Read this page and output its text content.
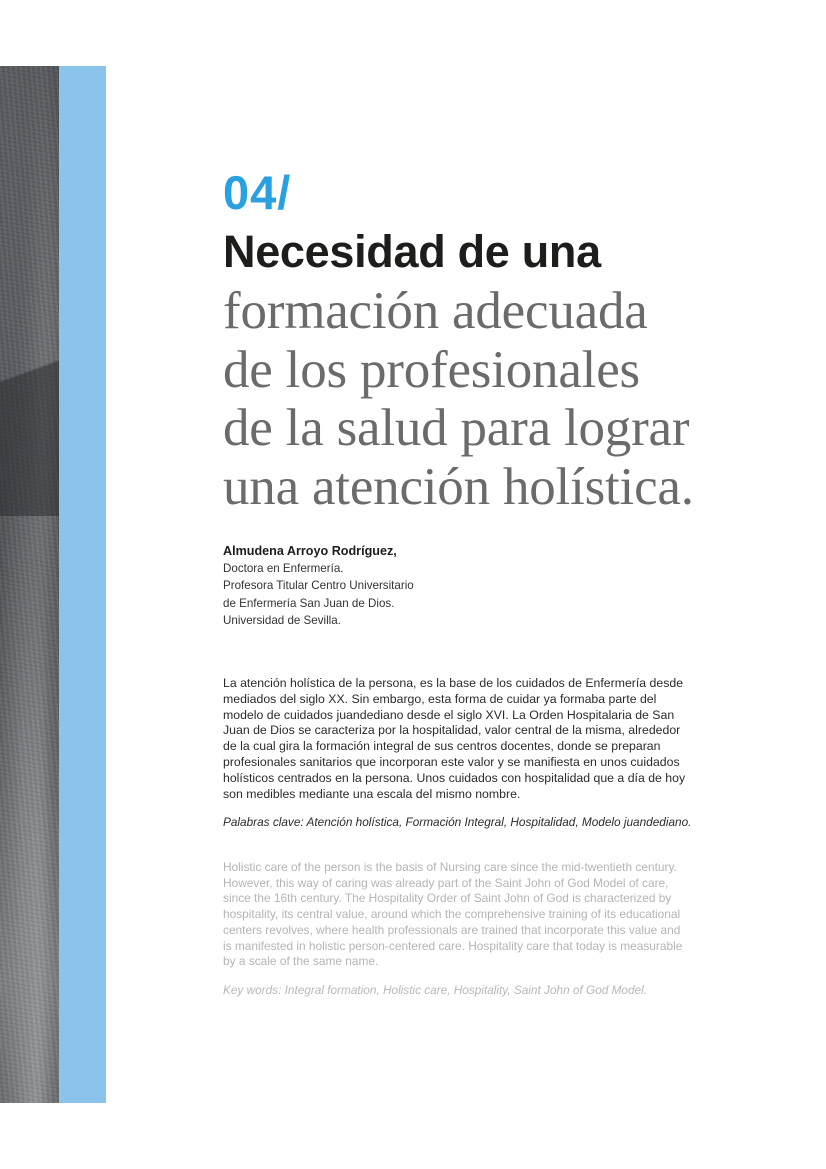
04/
Necesidad de una
formación adecuada
de los profesionales
de la salud para lograr
una atención holística.
Almudena Arroyo Rodríguez,
Doctora en Enfermería.
Profesora Titular Centro Universitario
de Enfermería San Juan de Dios.
Universidad de Sevilla.

La atención holística de la persona, es la base de los cuidados de Enfermería desde
mediados del siglo XX. Sin embargo, esta forma de cuidar ya formaba parte del
modelo de cuidados juandediano desde el siglo XVI. La Orden Hospitalaria de San
Juan de Dios se caracteriza por la hospitalidad, valor central de la misma, alrededor
de la cual gira la formación integral de sus centros docentes, donde se preparan
profesionales sanitarios que incorporan este valor y se manifiesta en unos cuidados
holísticos centrados en la persona. Unos cuidados con hospitalidad que a día de hoy
son medibles mediante una escala del mismo nombre.

Palabras clave: Atención holística, Formación Integral, Hospitalidad, Modelo juandediano.

Holistic care of the person is the basis of Nursing care since the mid-twentieth century.
However, this way of caring was already part of the Saint John of God Model of care,
since the 16th century. The Hospitality Order of Saint John of God is characterized by
hospitality, its central value, around which the comprehensive training of its educational
centers revolves, where health professionals are trained that incorporate this value and
is manifested in holistic person-centered care. Hospitality care that today is measurable
by a scale of the same name.

Key words: Integral formation, Holistic care, Hospitality, Saint John of God Model.
